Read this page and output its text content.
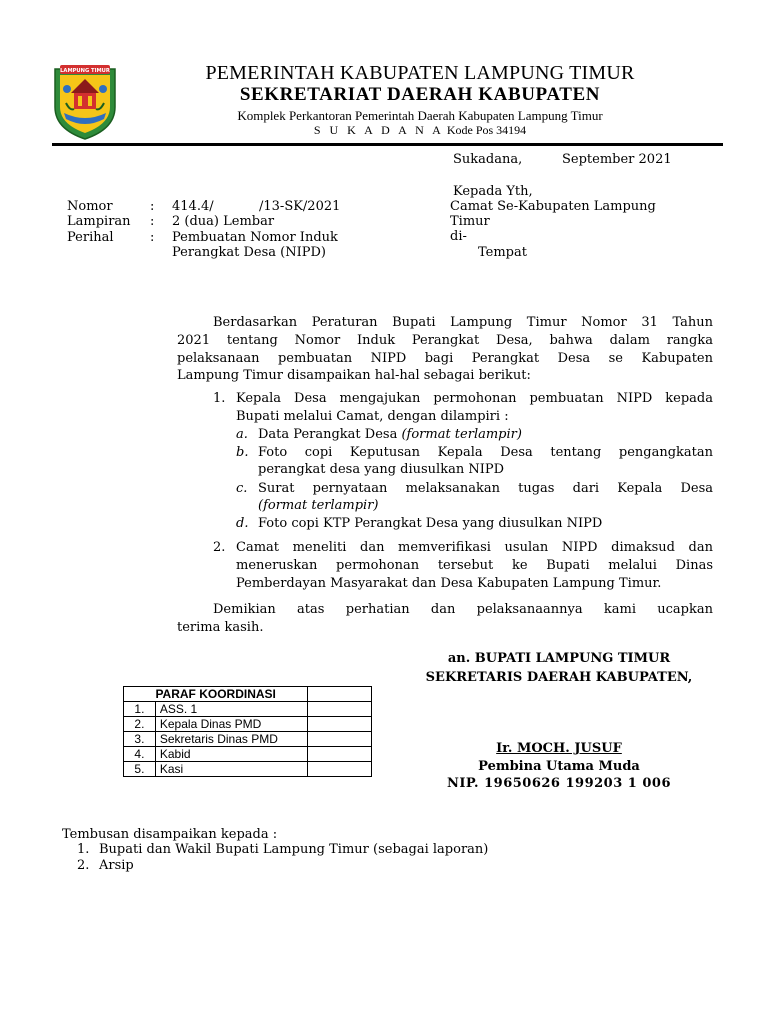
LAMPUNG TIMUR	PEMERINTAH KABUPATEN LAMPUNG TIMUR
SEKRETARIAT DAERAH KABUPATEN
Komplek Perkantoran Pemerintah Daerah Kabupaten Lampung Timur
S U K A D A N A Kode Pos 34194
Sukadana,	September 2021
Kepada Yth,
Camat Se-Kabupaten Lampung
Timur
di-
Tempat
Nomor	: 414.4/	/13-SK/2021
Lampiran : 2 (dua) Lembar
Perihal	: Pembuatan Nomor Induk
Perangkat Desa (NIPD)
Berdasarkan Peraturan Bupati Lampung Timur Nomor 31 Tahun
2021 tentang Nomor Induk Perangkat Desa, bahwa dalam rangka
pelaksanaan pembuatan NIPD bagi Perangkat Desa se Kabupaten
Lampung Timur disampaikan hal-hal sebagai berikut:
1. Kepala Desa mengajukan permohonan pembuatan NIPD kepada
Bupati melalui Camat, dengan dilampiri :
a. Data Perangkat Desa (format terlampir)
b. Foto copi Keputusan Kepala Desa tentang pengangkatan
perangkat desa yang diusulkan NIPD
c. Surat pernyataan melaksanakan tugas dari Kepala Desa
(format terlampir)
d. Foto copi KTP Perangkat Desa yang diusulkan NIPD
2. Camat meneliti dan memverifikasi usulan NIPD dimaksud dan
meneruskan permohonan tersebut ke Bupati melalui Dinas
Pemberdayan Masyarakat dan Desa Kabupaten Lampung Timur.
Demikian atas perhatian dan pelaksanaannya kami ucapkan
terima kasih.
an. BUPATI LAMPUNG TIMUR
SEKRETARIS DAERAH KABUPATEN,
Ir. MOCH. JUSUF
Pembina Utama Muda
NIP. 19650626 199203 1 006
PARAF KOORDINASI		
1.	ASS. 1	
2.	Kepala Dinas PMD	
3.	Sekretaris Dinas PMD	
4.	Kabid	
5.	Kasi	
Tembusan disampaikan kepada :
1. Bupati dan Wakil Bupati Lampung Timur (sebagai laporan)
2. Arsip
